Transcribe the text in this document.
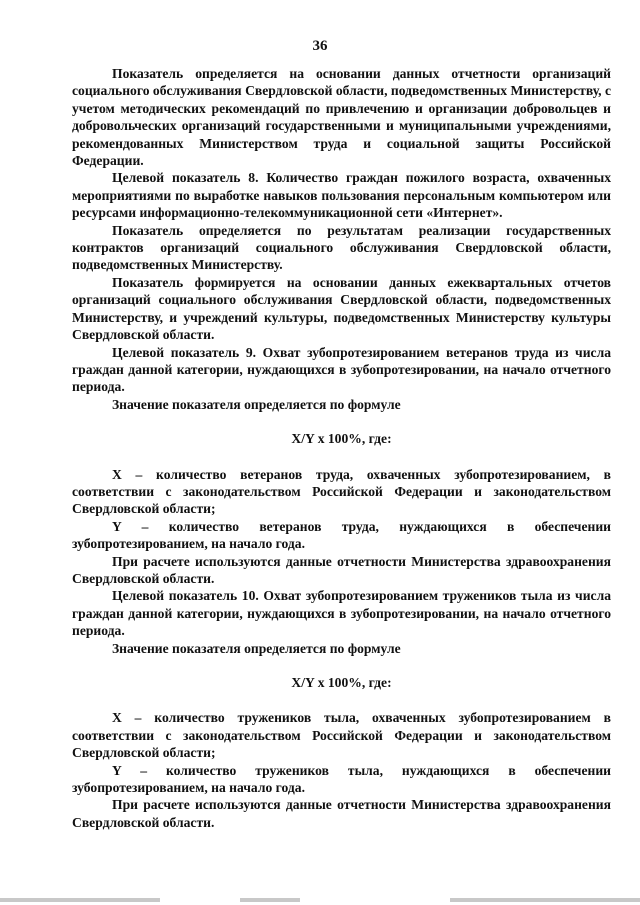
36

Показатель определяется на основании данных отчетности организаций социального обслуживания Свердловской области, подведомственных Министерству, с учетом методических рекомендаций по привлечению и организации добровольцев и добровольческих организаций государственными и муниципальными учреждениями, рекомендованных Министерством труда и социальной защиты Российской Федерации.

Целевой показатель 8. Количество граждан пожилого возраста, охваченных мероприятиями по выработке навыков пользования персональным компьютером или ресурсами информационно-телекоммуникационной сети «Интернет».

Показатель определяется по результатам реализации государственных контрактов организаций социального обслуживания Свердловской области, подведомственных Министерству.

Показатель формируется на основании данных ежеквартальных отчетов организаций социального обслуживания Свердловской области, подведомственных Министерству, и учреждений культуры, подведомственных Министерству культуры Свердловской области.

Целевой показатель 9. Охват зубопротезированием ветеранов труда из числа граждан данной категории, нуждающихся в зубопротезировании, на начало отчетного периода.

Значение показателя определяется по формуле

X/Y x 100%, где:

X – количество ветеранов труда, охваченных зубопротезированием, в соответствии с законодательством Российской Федерации и законодательством Свердловской области;

Y – количество ветеранов труда, нуждающихся в обеспечении зубопротезированием, на начало года.

При расчете используются данные отчетности Министерства здравоохранения Свердловской области.

Целевой показатель 10. Охват зубопротезированием тружеников тыла из числа граждан данной категории, нуждающихся в зубопротезировании, на начало отчетного периода.

Значение показателя определяется по формуле

X/Y x 100%, где:

X – количество тружеников тыла, охваченных зубопротезированием в соответствии с законодательством Российской Федерации и законодательством Свердловской области;

Y – количество тружеников тыла, нуждающихся в обеспечении зубопротезированием, на начало года.

При расчете используются данные отчетности Министерства здравоохранения Свердловской области.
